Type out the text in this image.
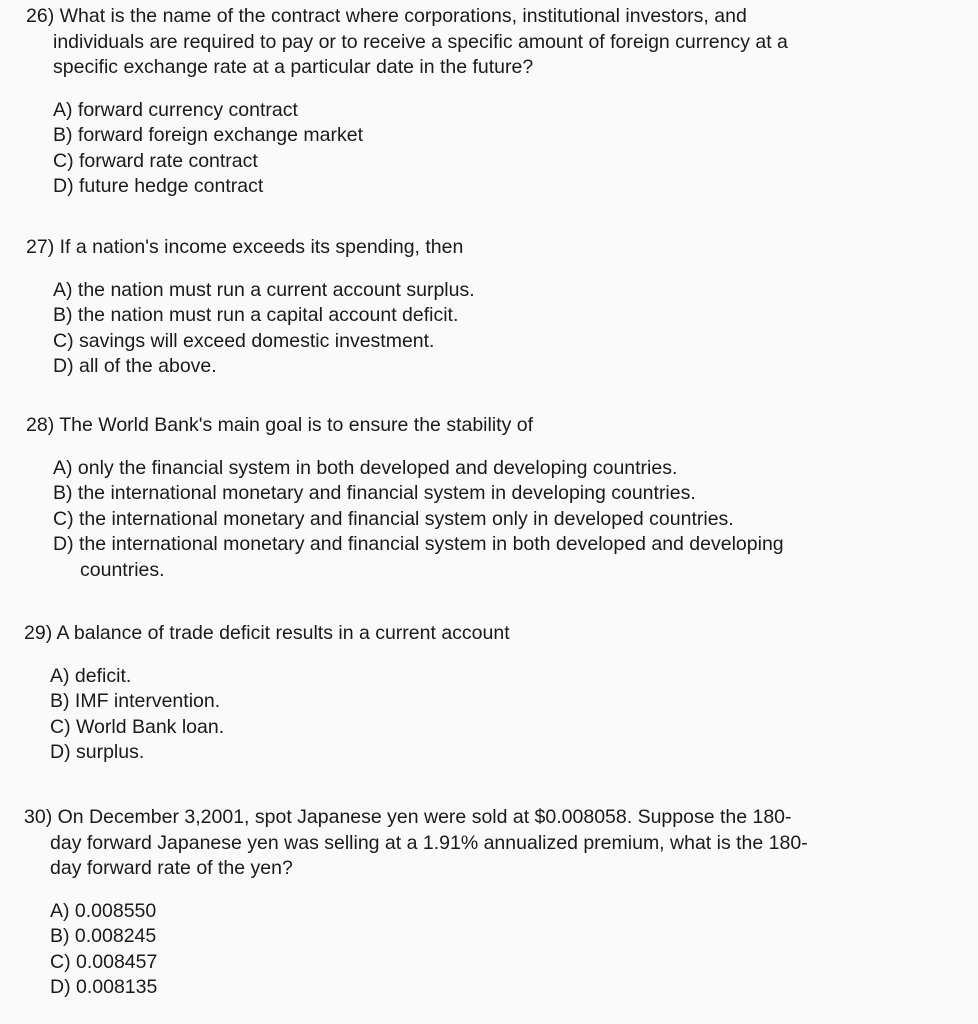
26) What is the name of the contract where corporations, institutional investors, and
individuals are required to pay or to receive a specific amount of foreign currency at a
specific exchange rate at a particular date in the future?
A) forward currency contract
B) forward foreign exchange market
C) forward rate contract
D) future hedge contract
27) If a nation's income exceeds its spending, then
A) the nation must run a current account surplus.
B) the nation must run a capital account deficit.
C) savings will exceed domestic investment.
D) all of the above.
28) The World Bank's main goal is to ensure the stability of
A) only the financial system in both developed and developing countries.
B) the international monetary and financial system in developing countries.
C) the international monetary and financial system only in developed countries.
D) the international monetary and financial system in both developed and developing
countries.
29) A balance of trade deficit results in a current account
A) deficit.
B) IMF intervention.
C) World Bank loan.
D) surplus.
30) On December 3,2001, spot Japanese yen were sold at $0.008058. Suppose the 180-
day forward Japanese yen was selling at a 1.91% annualized premium, what is the 180-
day forward rate of the yen?
A) 0.008550
B) 0.008245
C) 0.008457
D) 0.008135
